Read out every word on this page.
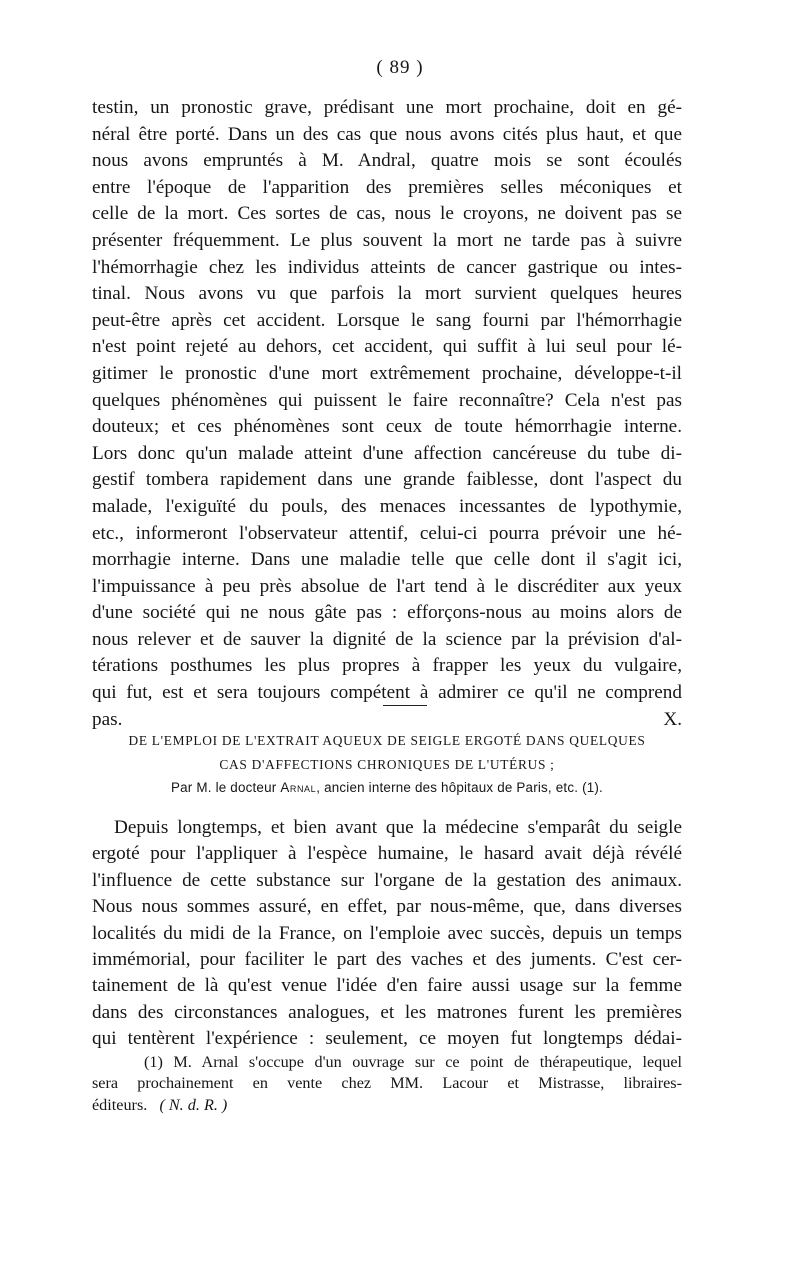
( 89 )
testin, un pronostic grave, prédisant une mort prochaine, doit en gé-
néral être porté. Dans un des cas que nous avons cités plus haut, et que
nous avons empruntés à M. Andral, quatre mois se sont écoulés
entre l'époque de l'apparition des premières selles méconiques et
celle de la mort. Ces sortes de cas, nous le croyons, ne doivent pas se
présenter fréquemment. Le plus souvent la mort ne tarde pas à suivre
l'hémorrhagie chez les individus atteints de cancer gastrique ou intes-
tinal. Nous avons vu que parfois la mort survient quelques heures
peut-être après cet accident. Lorsque le sang fourni par l'hémorrhagie
n'est point rejeté au dehors, cet accident, qui suffit à lui seul pour lé-
gitimer le pronostic d'une mort extrêmement prochaine, développe-t-il
quelques phénomènes qui puissent le faire reconnaître? Cela n'est pas
douteux; et ces phénomènes sont ceux de toute hémorrhagie interne.
Lors donc qu'un malade atteint d'une affection cancéreuse du tube di-
gestif tombera rapidement dans une grande faiblesse, dont l'aspect du
malade, l'exiguïté du pouls, des menaces incessantes de lypothymie,
etc., informeront l'observateur attentif, celui-ci pourra prévoir une hé-
morrhagie interne. Dans une maladie telle que celle dont il s'agit ici,
l'impuissance à peu près absolue de l'art tend à le discréditer aux yeux
d'une société qui ne nous gâte pas : efforçons-nous au moins alors de
nous relever et de sauver la dignité de la science par la prévision d'al-
térations posthumes les plus propres à frapper les yeux du vulgaire,
qui fut, est et sera toujours compétent à admirer ce qu'il ne comprend
pas.	X.
DE L'EMPLOI DE L'EXTRAIT AQUEUX DE SEIGLE ERGOTÉ DANS QUELQUES
CAS D'AFFECTIONS CHRONIQUES DE L'UTÉRUS ;
Par M. le docteur Arnal, ancien interne des hôpitaux de Paris, etc. (1).
Depuis longtemps, et bien avant que la médecine s'emparât du seigle
ergoté pour l'appliquer à l'espèce humaine, le hasard avait déjà révélé
l'influence de cette substance sur l'organe de la gestation des animaux.
Nous nous sommes assuré, en effet, par nous-même, que, dans diverses
localités du midi de la France, on l'emploie avec succès, depuis un temps
immémorial, pour faciliter le part des vaches et des juments. C'est cer-
tainement de là qu'est venue l'idée d'en faire aussi usage sur la femme
dans des circonstances analogues, et les matrones furent les premières
qui tentèrent l'expérience : seulement, ce moyen fut longtemps dédai-
(1) M. Arnal s'occupe d'un ouvrage sur ce point de thérapeutique, lequel
sera prochainement en vente chez MM. Lacour et Mistrasse, libraires-
éditeurs. ( N. d. R. )
